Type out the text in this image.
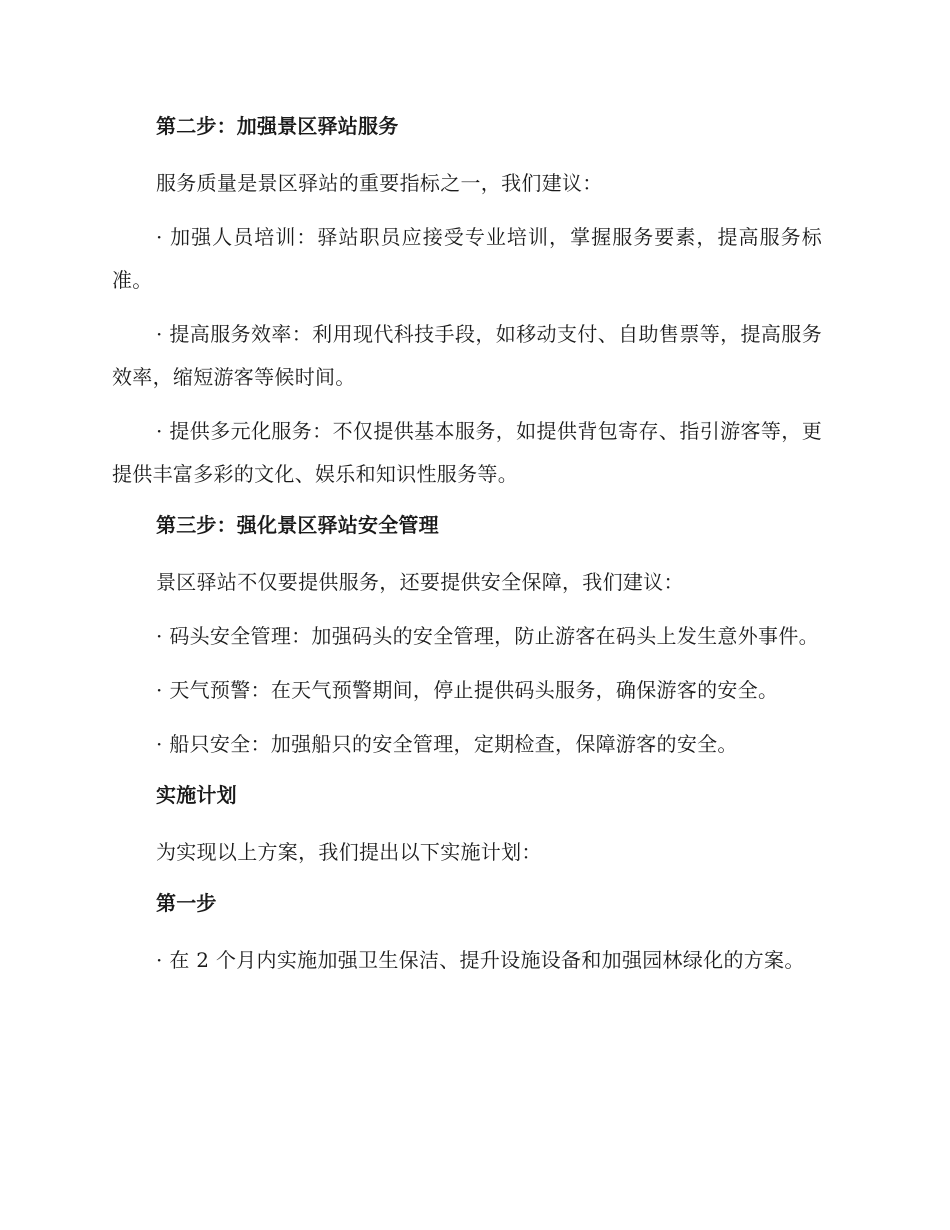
第二步：加强景区驿站服务
服务质量是景区驿站的重要指标之一，我们建议：
· 加强人员培训：驿站职员应接受专业培训，掌握服务要素，提高服务标准。
· 提高服务效率：利用现代科技手段，如移动支付、自助售票等，提高服务效率，缩短游客等候时间。
· 提供多元化服务：不仅提供基本服务，如提供背包寄存、指引游客等，更提供丰富多彩的文化、娱乐和知识性服务等。
第三步：强化景区驿站安全管理
景区驿站不仅要提供服务，还要提供安全保障，我们建议：
· 码头安全管理：加强码头的安全管理，防止游客在码头上发生意外事件。
· 天气预警：在天气预警期间，停止提供码头服务，确保游客的安全。
· 船只安全：加强船只的安全管理，定期检查，保障游客的安全。
实施计划
为实现以上方案，我们提出以下实施计划：
第一步
· 在 2 个月内实施加强卫生保洁、提升设施设备和加强园林绿化的方案。
